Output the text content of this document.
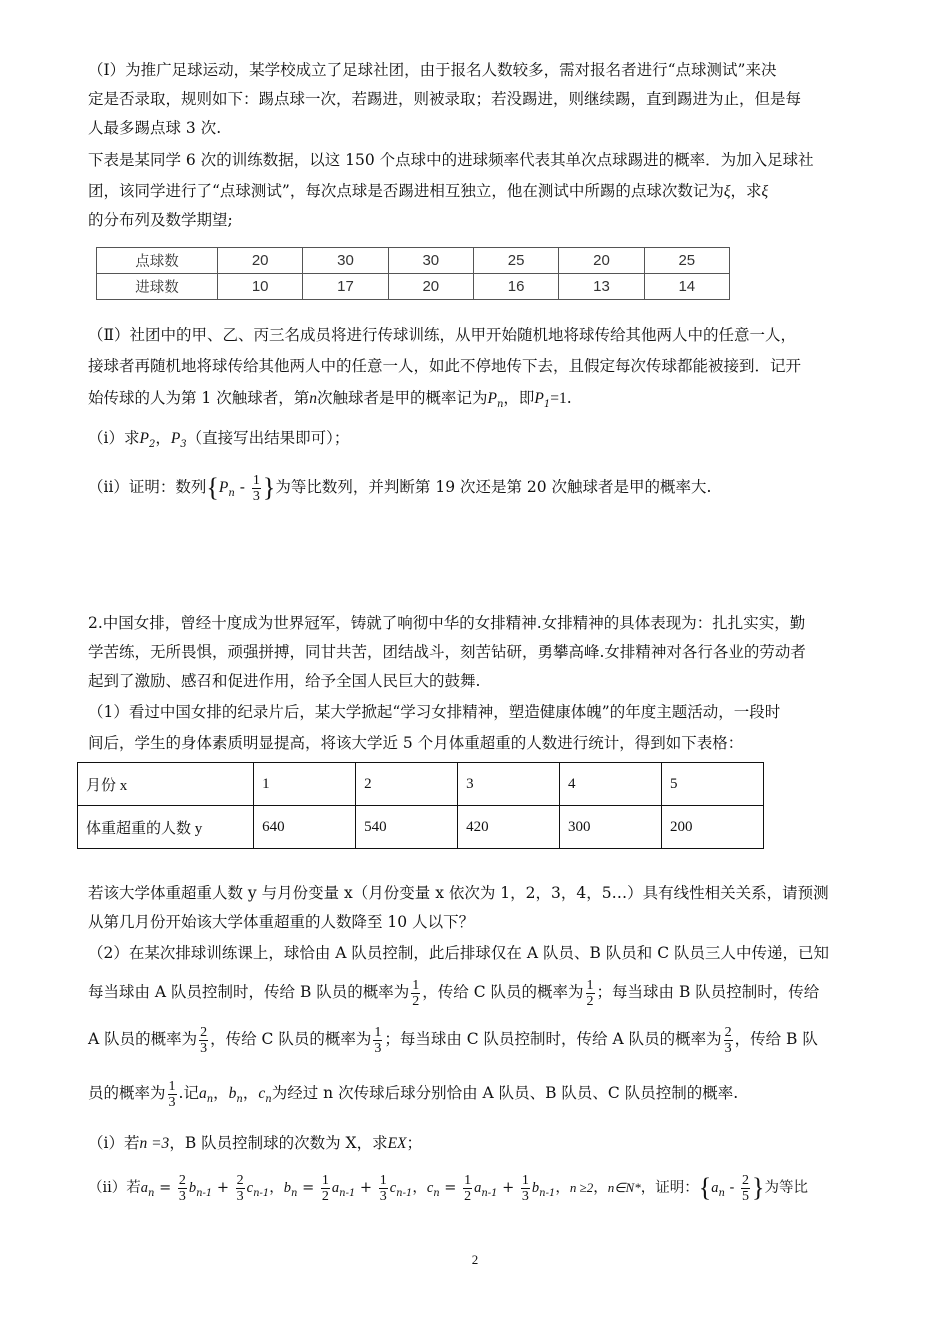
（Ⅰ）为推广足球运动，某学校成立了足球社团，由于报名人数较多，需对报名者进行“点球测试”来决
定是否录取，规则如下：踢点球一次，若踢进，则被录取；若没踢进，则继续踢，直到踢进为止，但是每
人最多踢点球 3 次.
下表是某同学 6 次的训练数据，以这 150 个点球中的进球频率代表其单次点球踢进的概率．为加入足球社
团，该同学进行了“点球测试”，每次点球是否踢进相互独立，他在测试中所踢的点球次数记为ξ，求ξ
的分布列及数学期望;
点球数	20	30	30	25	20	25
进球数	10	17	20	16	13	14
（Ⅱ）社团中的甲、乙、丙三名成员将进行传球训练，从甲开始随机地将球传给其他两人中的任意一人，
接球者再随机地将球传给其他两人中的任意一人，如此不停地传下去，且假定每次传球都能被接到．记开
始传球的人为第 1 次触球者，第n次触球者是甲的概率记为$P_n$，即$P_1=1$.
（i）求$P_2$，$P_3$（直接写出结果即可）；
（ii）证明：数列{$P_n - \frac{1}{3}$ }为等比数列，并判断第 19 次还是第 20 次触球者是甲的概率大.
2.中国女排，曾经十度成为世界冠军，铸就了响彻中华的女排精神.女排精神的具体表现为：扎扎实实，勤
学苦练，无所畏惧，顽强拼搏，同甘共苦，团结战斗，刻苦钻研，勇攀高峰.女排精神对各行各业的劳动者
起到了激励、感召和促进作用，给予全国人民巨大的鼓舞.
（1）看过中国女排的纪录片后，某大学掀起“学习女排精神，塑造健康体魄”的年度主题活动，一段时
间后，学生的身体素质明显提高，将该大学近 5 个月体重超重的人数进行统计，得到如下表格：
月份 x	1	2	3	4	5
体重超重的人数 y	640	540	420	300	200
若该大学体重超重人数 y 与月份变量 x（月份变量 x 依次为 1，2，3，4，5…）具有线性相关关系，请预测
从第几月份开始该大学体重超重的人数降至 10 人以下？
（2）在某次排球训练课上，球恰由 A 队员控制，此后排球仅在 A 队员、B 队员和 C 队员三人中传递，已知
每当球由 A 队员控制时，传给 B 队员的概率为 $\frac{1}{2}$ ，传给 C 队员的概率为 $\frac{1}{2}$ ；每当球由 B 队员控制时，传给
A 队员的概率为 $\frac{2}{3}$ ，传给 C 队员的概率为 $\frac{1}{3}$ ；每当球由 C 队员控制时，传给 A 队员的概率为 $\frac{2}{3}$ ，传给 B 队
员的概率为 $\frac{1}{3}$ .记$a_n$，$b_n$，$c_n$为经过 n 次传球后球分别恰由 A 队员、B 队员、C 队员控制的概率.
（i）若n =3，B 队员控制球的次数为 X，求EX；
（ii）若$a_n = \frac{2}{3} b_{n-1} + \frac{2}{3} c_{n-1}$，$b_n = \frac{1}{2} a_{n-1} + \frac{1}{3} c_{n-1}$，$c_n = \frac{1}{2} a_{n-1} + \frac{1}{3} b_{n-1}$，n ≥2，n∈N*，证明：{$a_n - \frac{2}{5}$ }为等比
2
